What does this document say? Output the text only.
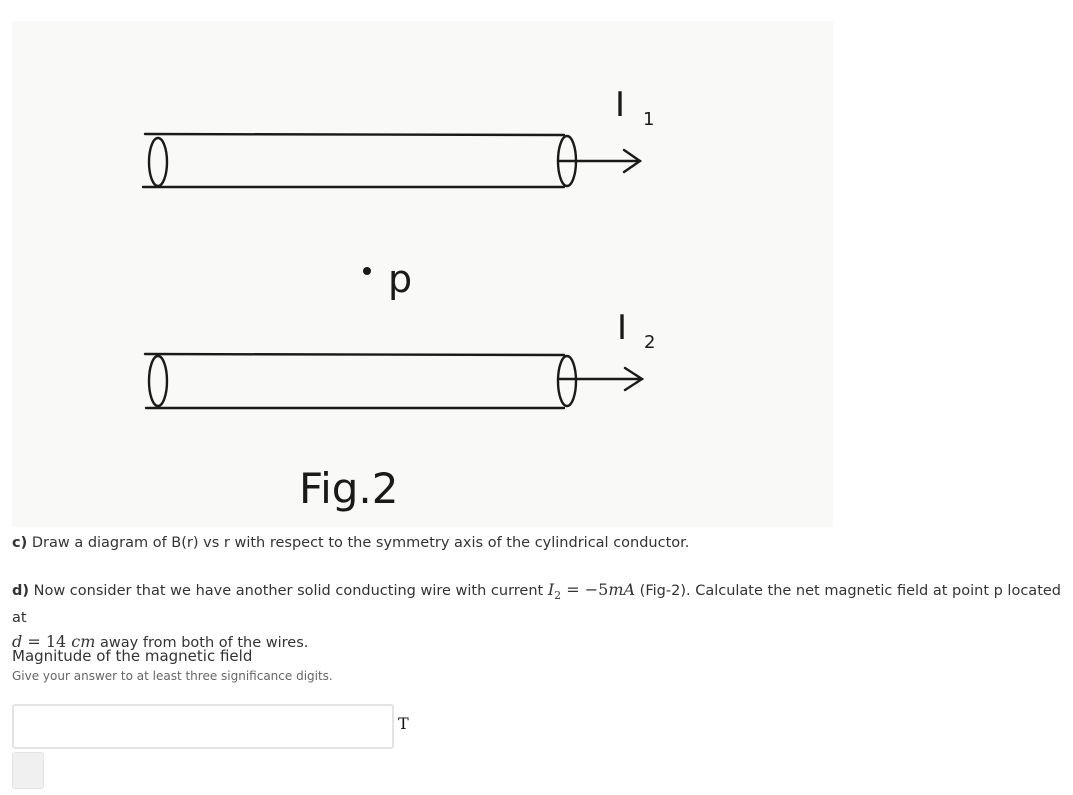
p
I 1
I 2
Fig.2
c) Draw a diagram of B(r) vs r with respect to the symmetry axis of the cylindrical conductor.
d) Now consider that we have another solid conducting wire with current $I_2 = -5mA$ (Fig-2). Calculate the net magnetic field at point p located at
d = 14 cm away from both of the wires.
Magnitude of the magnetic field
Give your answer to at least three significance digits.
T
